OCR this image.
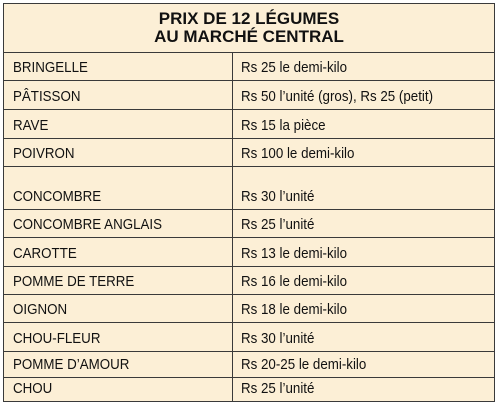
PRIX DE 12 LÉGUMES
AU MARCHÉ CENTRAL
BRINGELLE	Rs 25 le demi-kilo
PÂTISSON	Rs 50 l’unité (gros), Rs 25 (petit)
RAVE	Rs 15 la pièce
POIVRON	Rs 100 le demi-kilo
CONCOMBRE	Rs 30 l’unité
CONCOMBRE ANGLAIS	Rs 25 l’unité
CAROTTE	Rs 13 le demi-kilo
POMME DE TERRE	Rs 16 le demi-kilo
OIGNON	Rs 18 le demi-kilo
CHOU-FLEUR	Rs 30 l’unité
POMME D’AMOUR	Rs 20-25 le demi-kilo
CHOU	Rs 25 l’unité
